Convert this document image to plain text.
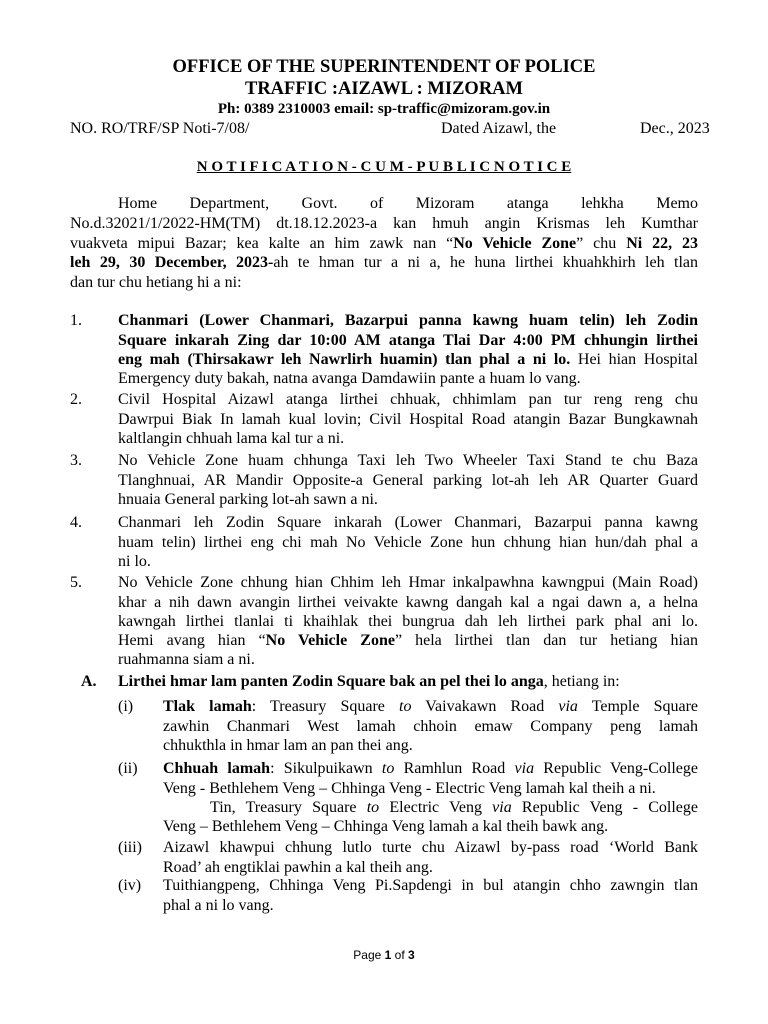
OFFICE OF THE SUPERINTENDENT OF POLICE
TRAFFIC :AIZAWL : MIZORAM
Ph: 0389 2310003 email: sp-traffic@mizoram.gov.in
NO. RO/TRF/SP Noti-7/08/	Dated Aizawl, the	Dec., 2023
N O T I F I C A T I O N - C U M - P U B L I C N O T I C E
Home Department, Govt. of Mizoram atanga lehkha Memo
No.d.32021/1/2022-HM(TM) dt.18.12.2023-a kan hmuh angin Krismas leh Kumthar
vuakveta mipui Bazar; kea kalte an him zawk nan “No Vehicle Zone” chu Ni 22, 23
leh 29, 30 December, 2023-ah te hman tur a ni a, he huna lirthei khuahkhirh leh tlan
dan tur chu hetiang hi a ni:
1. Chanmari (Lower Chanmari, Bazarpui panna kawng huam telin) leh Zodin
Square inkarah Zing dar 10:00 AM atanga Tlai Dar 4:00 PM chhungin lirthei
eng mah (Thirsakawr leh Nawrlirh huamin) tlan phal a ni lo. Hei hian Hospital
Emergency duty bakah, natna avanga Damdawiin pante a huam lo vang.
2. Civil Hospital Aizawl atanga lirthei chhuak, chhimlam pan tur reng reng chu
Dawrpui Biak In lamah kual lovin; Civil Hospital Road atangin Bazar Bungkawnah
kaltlangin chhuah lama kal tur a ni.
3. No Vehicle Zone huam chhunga Taxi leh Two Wheeler Taxi Stand te chu Baza
Tlanghnuai, AR Mandir Opposite-a General parking lot-ah leh AR Quarter Guard
hnuaia General parking lot-ah sawn a ni.
4. Chanmari leh Zodin Square inkarah (Lower Chanmari, Bazarpui panna kawng
huam telin) lirthei eng chi mah No Vehicle Zone hun chhung hian hun/dah phal a
ni lo.
5. No Vehicle Zone chhung hian Chhim leh Hmar inkalpawhna kawngpui (Main Road)
khar a nih dawn avangin lirthei veivakte kawng dangah kal a ngai dawn a, a helna
kawngah lirthei tlanlai ti khaihlak thei bungrua dah leh lirthei park phal ani lo.
Hemi avang hian “No Vehicle Zone” hela lirthei tlan dan tur hetiang hian
ruahmanna siam a ni.
A. Lirthei hmar lam panten Zodin Square bak an pel thei lo anga, hetiang in:
(i) Tlak lamah: Treasury Square to Vaivakawn Road via Temple Square
zawhin Chanmari West lamah chhoin emaw Company peng lamah
chhukthla in hmar lam an pan thei ang.
(ii) Chhuah lamah: Sikulpuikawn to Ramhlun Road via Republic Veng-College
Veng - Bethlehem Veng – Chhinga Veng - Electric Veng lamah kal theih a ni.
Tin, Treasury Square to Electric Veng via Republic Veng - College
Veng – Bethlehem Veng – Chhinga Veng lamah a kal theih bawk ang.
(iii) Aizawl khawpui chhung lutlo turte chu Aizawl by-pass road ‘World Bank
Road’ ah engtiklai pawhin a kal theih ang.
(iv) Tuithiangpeng, Chhinga Veng Pi.Sapdengi in bul atangin chho zawngin tlan
phal a ni lo vang.
Page 1 of 3
